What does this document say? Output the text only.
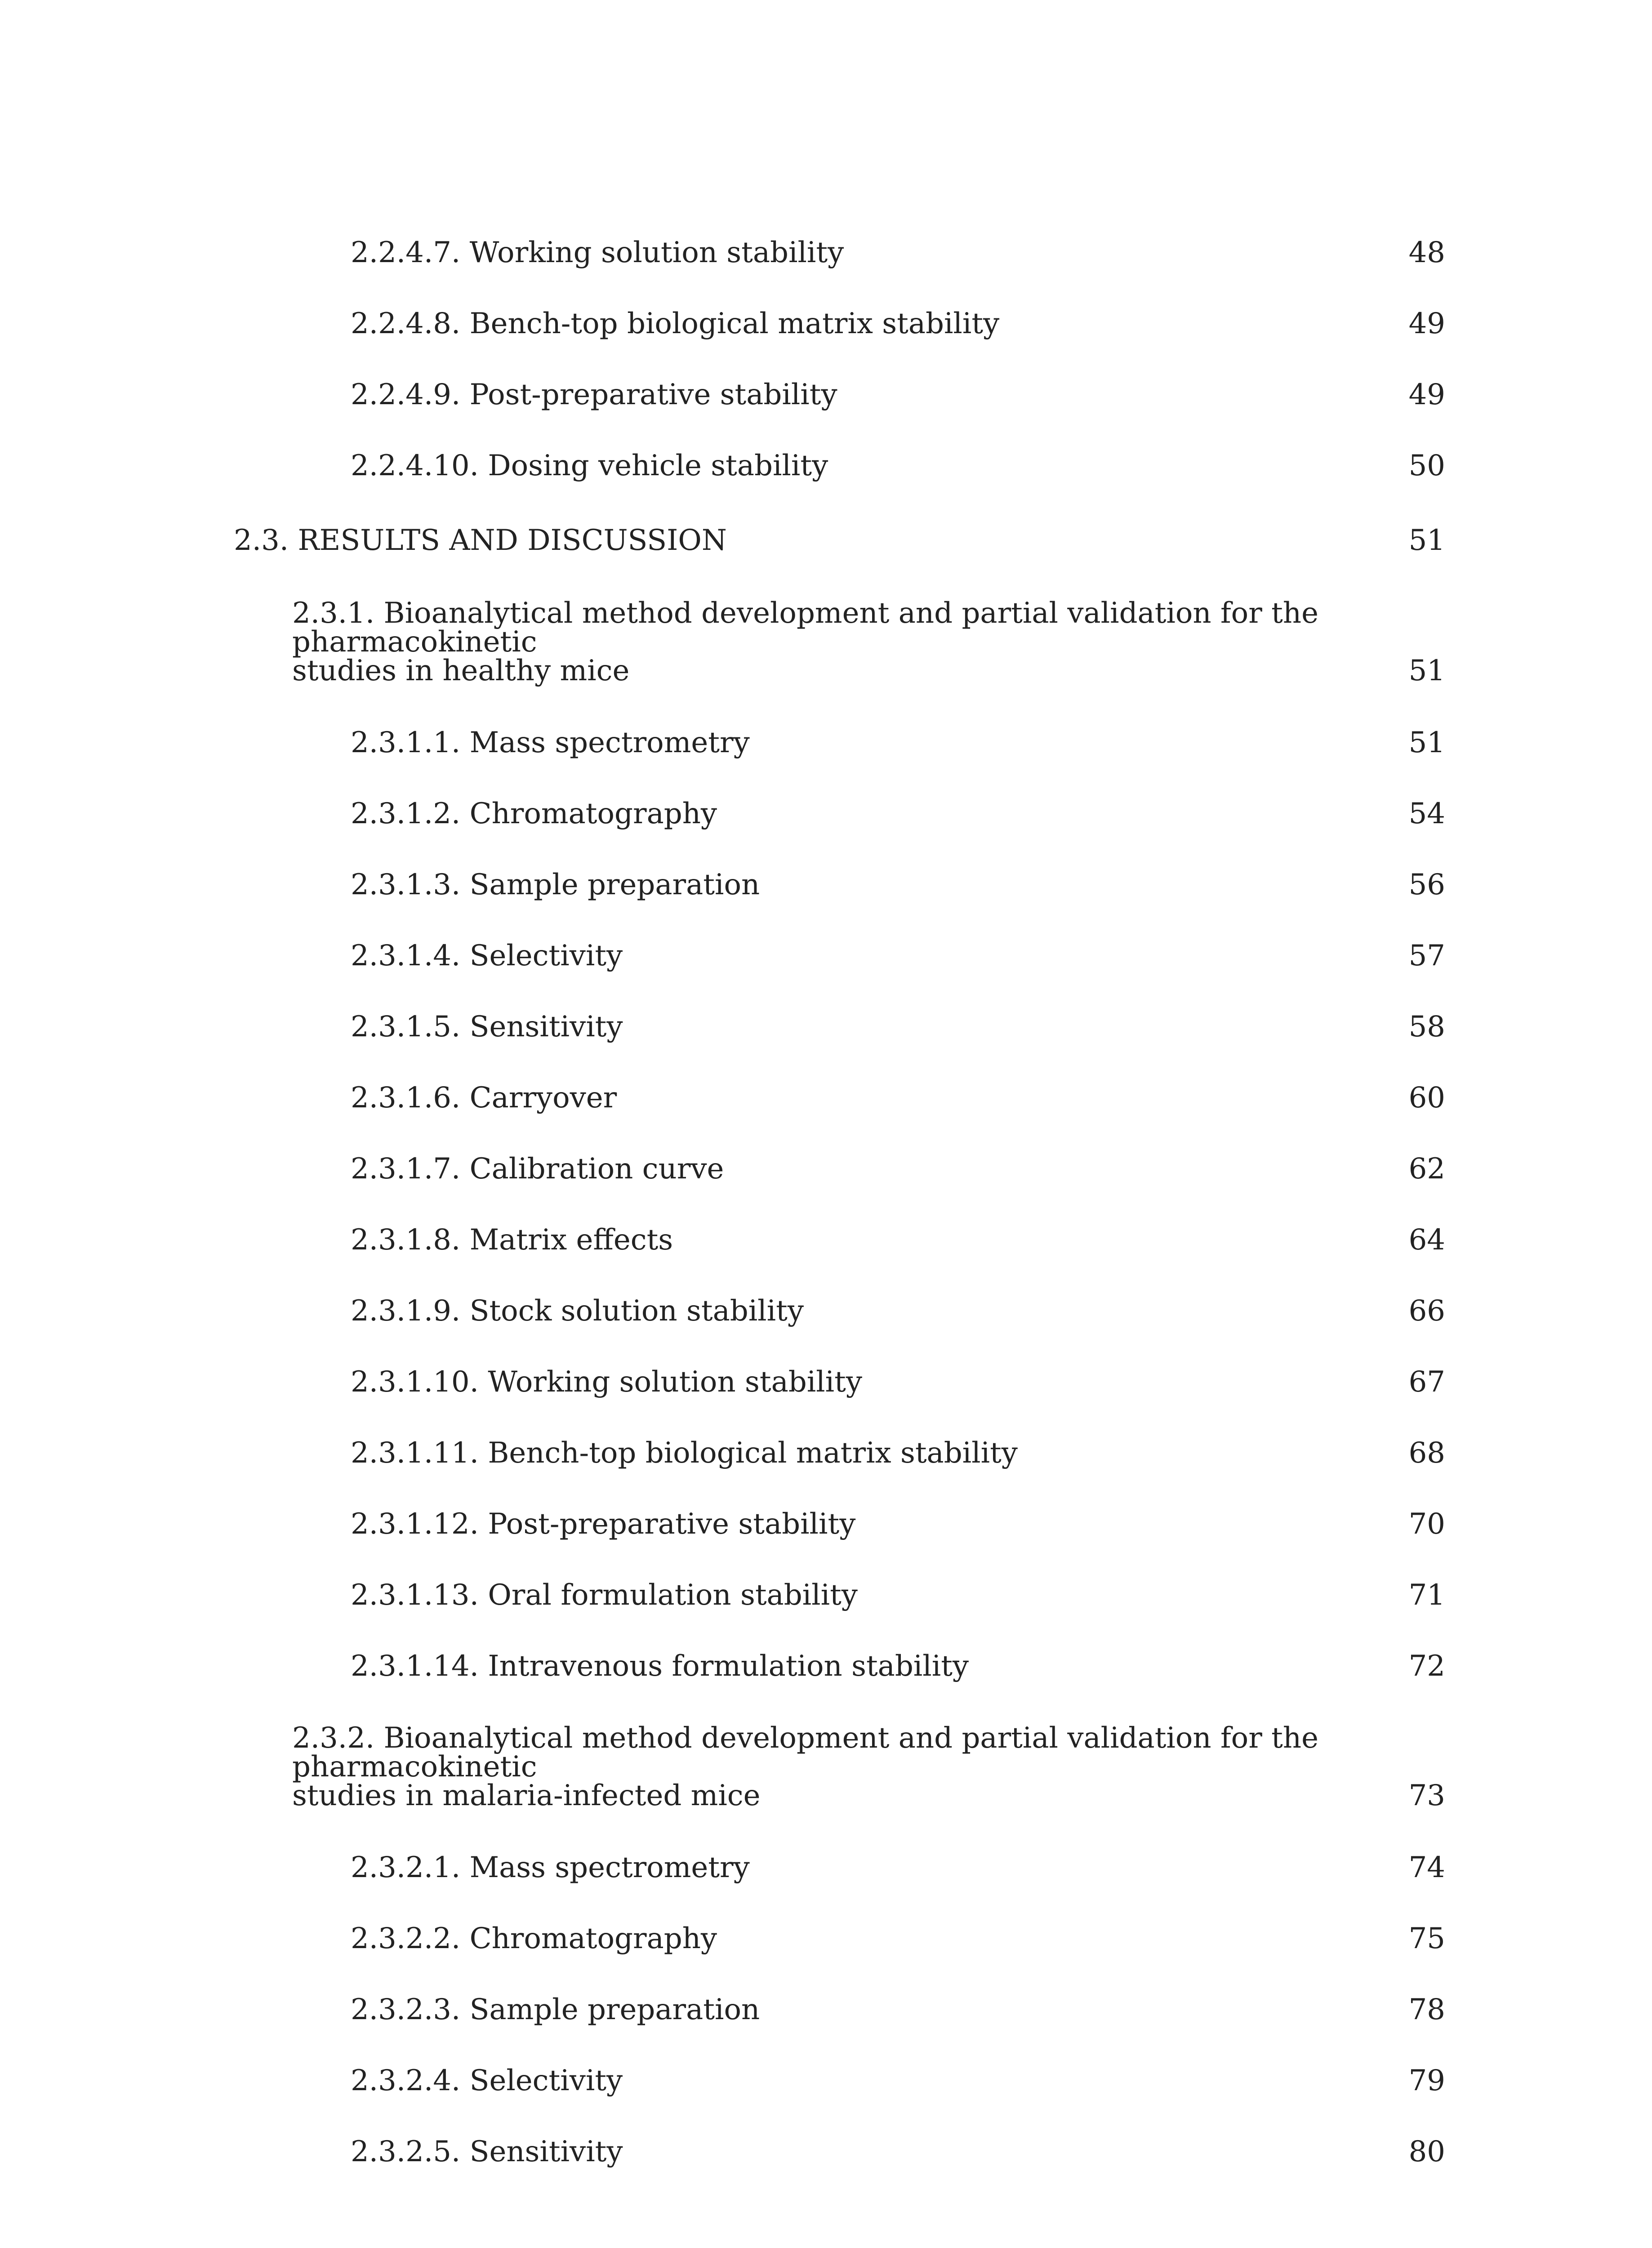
2.2.4.7. Working solution stability	48
2.2.4.8. Bench-top biological matrix stability	49
2.2.4.9. Post-preparative stability	49
2.2.4.10. Dosing vehicle stability	50
2.3. RESULTS AND DISCUSSION	51
2.3.1. Bioanalytical method development and partial validation for the pharmacokinetic
studies in healthy mice	51
2.3.1.1. Mass spectrometry	51
2.3.1.2. Chromatography	54
2.3.1.3. Sample preparation	56
2.3.1.4. Selectivity	57
2.3.1.5. Sensitivity	58
2.3.1.6. Carryover	60
2.3.1.7. Calibration curve	62
2.3.1.8. Matrix effects	64
2.3.1.9. Stock solution stability	66
2.3.1.10. Working solution stability	67
2.3.1.11. Bench-top biological matrix stability	68
2.3.1.12. Post-preparative stability	70
2.3.1.13. Oral formulation stability	71
2.3.1.14. Intravenous formulation stability	72
2.3.2. Bioanalytical method development and partial validation for the pharmacokinetic
studies in malaria-infected mice	73
2.3.2.1. Mass spectrometry	74
2.3.2.2. Chromatography	75
2.3.2.3. Sample preparation	78
2.3.2.4. Selectivity	79
2.3.2.5. Sensitivity	80
